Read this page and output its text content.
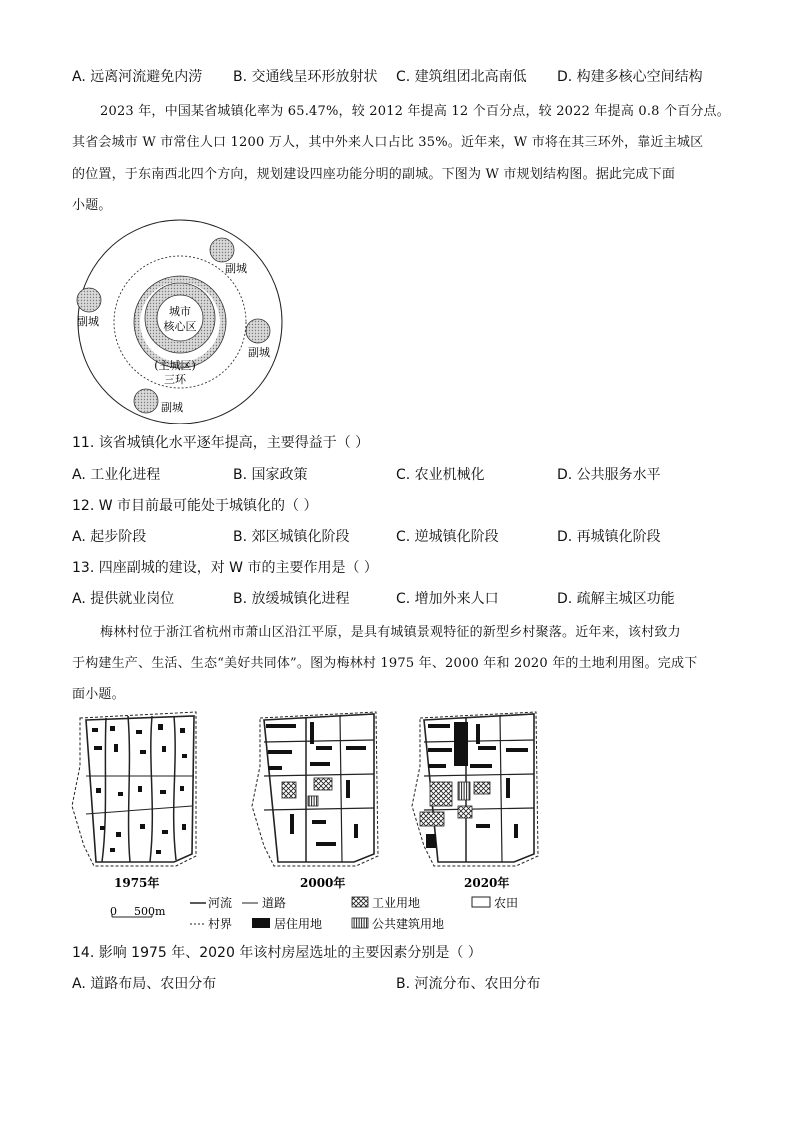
A. 远离河流避免内涝 B. 交通线呈环形放射状 C. 建筑组团北高南低 D. 构建多核心空间结构
2023 年，中国某省城镇化率为 65.47%，较 2012 年提高 12 个百分点，较 2022 年提高 0.8 个百分点。
其省会城市 W 市常住人口 1200 万人，其中外来人口占比 35%。近年来，W 市将在其三环外，靠近主城区
的位置，于东南西北四个方向，规划建设四座功能分明的副城。下图为 W 市规划结构图。据此完成下面
小题。
城市
核心区
(主城区)
三环
副城
副城
副城
副城
11. 该省城镇化水平逐年提高，主要得益于（ ）
A. 工业化进程	B. 国家政策	C. 农业机械化	D. 公共服务水平
12. W 市目前最可能处于城镇化的（ ）
A. 起步阶段	B. 郊区城镇化阶段	C. 逆城镇化阶段	D. 再城镇化阶段
13. 四座副城的建设，对 W 市的主要作用是（ ）
A. 提供就业岗位	B. 放缓城镇化进程	C. 增加外来人口	D. 疏解主城区功能
梅林村位于浙江省杭州市萧山区沿江平原，是具有城镇景观特征的新型乡村聚落。近年来，该村致力
于构建生产、生活、生态“美好共同体”。图为梅林村 1975 年、2000 年和 2020 年的土地利用图。完成下
面小题。
1975年	2000年	2020年
0 500m
河流 道路	工业用地	农田
村界	居住用地	公共建筑用地
14. 影响 1975 年、2020 年该村房屋选址的主要因素分别是（ ）
A. 道路布局、农田分布	B. 河流分布、农田分布
